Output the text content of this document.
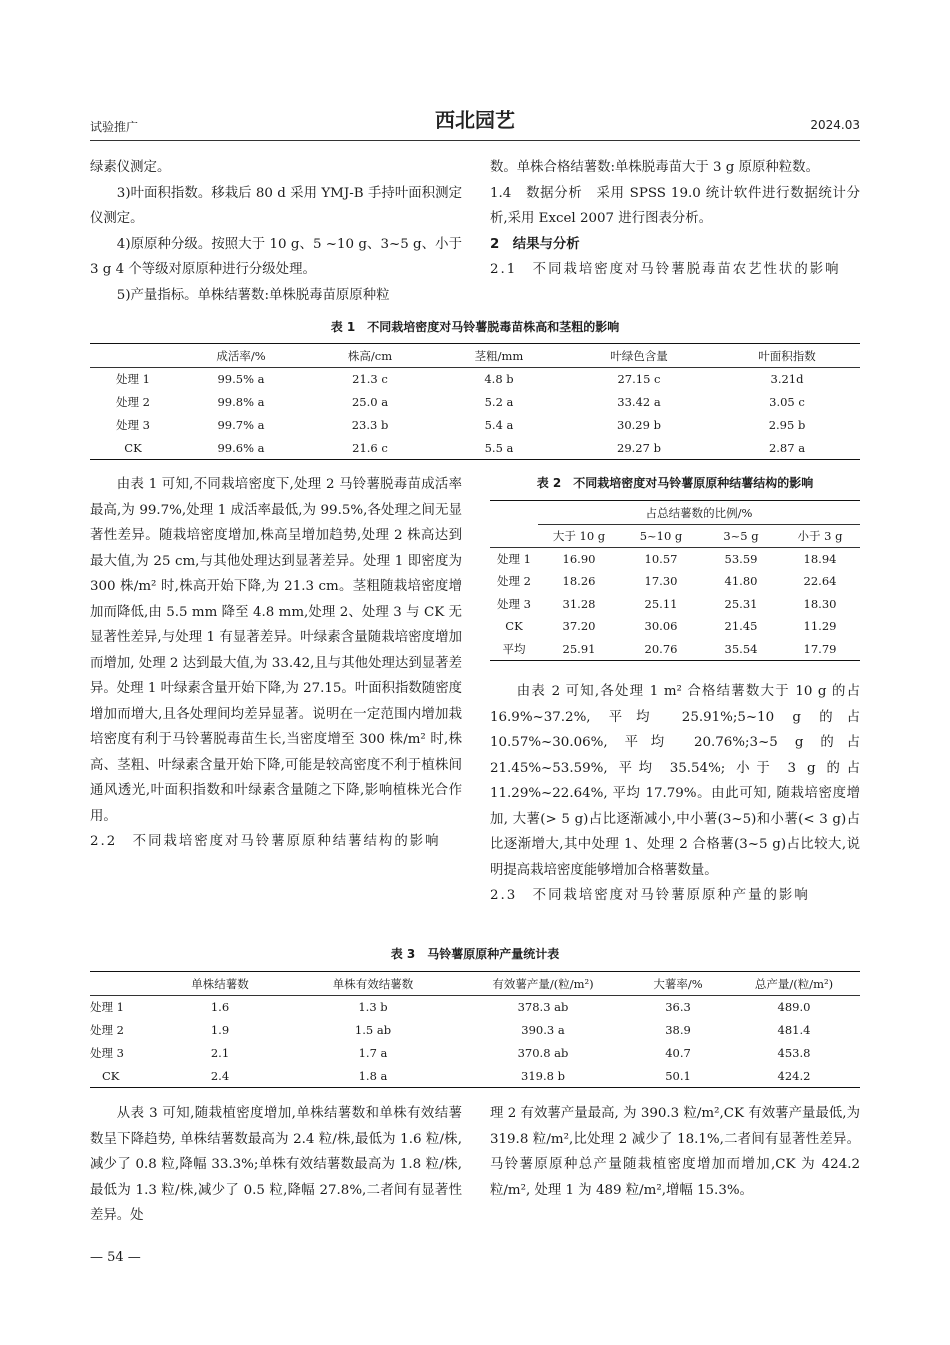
试验推广	西北园艺	2024.03

绿素仪测定。

3)叶面积指数。移栽后 80 d 采用 YMJ-B 手持叶面积测定仪测定。

4)原原种分级。按照大于 10 g、5 ~10 g、3~5 g、小于 3 g 4 个等级对原原种进行分级处理。

5)产量指标。单株结薯数:单株脱毒苗原原种粒

数。单株合格结薯数:单株脱毒苗大于 3 g 原原种粒数。

1.4　数据分析　采用 SPSS 19.0 统计软件进行数据统计分析,采用 Excel 2007 进行图表分析。

2　结果与分析

2.1　不同栽培密度对马铃薯脱毒苗农艺性状的影响

表 1　不同栽培密度对马铃薯脱毒苗株高和茎粗的影响
	成活率/%	株高/cm	茎粗/mm	叶绿色含量	叶面积指数
处理 1	99.5% a	21.3 c	4.8 b	27.15 c	3.21d
处理 2	99.8% a	25.0 a	5.2 a	33.42 a	3.05 c
处理 3	99.7% a	23.3 b	5.4 a	30.29 b	2.95 b
CK	99.6% a	21.6 c	5.5 a	29.27 b	2.87 a

由表 1 可知,不同栽培密度下,处理 2 马铃薯脱毒苗成活率最高,为 99.7%,处理 1 成活率最低,为 99.5%,各处理之间无显著性差异。随栽培密度增加,株高呈增加趋势,处理 2 株高达到最大值,为 25 cm,与其他处理达到显著差异。处理 1 即密度为 300 株/m² 时,株高开始下降,为 21.3 cm。茎粗随栽培密度增加而降低,由 5.5 mm 降至 4.8 mm,处理 2、处理 3 与 CK 无显著性差异,与处理 1 有显著差异。叶绿素含量随栽培密度增加而增加, 处理 2 达到最大值,为 33.42,且与其他处理达到显著差异。处理 1 叶绿素含量开始下降,为 27.15。叶面积指数随密度增加而增大,且各处理间均差异显著。说明在一定范围内增加栽培密度有利于马铃薯脱毒苗生长,当密度增至 300 株/m² 时,株高、茎粗、叶绿素含量开始下降,可能是较高密度不利于植株间通风透光,叶面积指数和叶绿素含量随之下降,影响植株光合作用。

2.2　不同栽培密度对马铃薯原原种结薯结构的影响

表 2　不同栽培密度对马铃薯原原种结薯结构的影响
	占总结薯数的比例/%			
	大于 10 g	5~10 g	3~5 g	小于 3 g
处理 1	16.90	10.57	53.59	18.94
处理 2	18.26	17.30	41.80	22.64
处理 3	31.28	25.11	25.31	18.30
CK	37.20	30.06	21.45	11.29
平均	25.91	20.76	35.54	17.79

由表 2 可知,各处理 1 m² 合格结薯数大于 10 g 的占 16.9%~37.2%, 平均 25.91%;5~10 g 的占 10.57%~30.06%, 平均 20.76%;3~5 g 的占 21.45%~53.59%, 平均 35.54%; 小于 3 g 的占 11.29%~22.64%, 平均 17.79%。由此可知, 随栽培密度增加, 大薯(> 5 g)占比逐渐减小,中小薯(3~5)和小薯(< 3 g)占比逐渐增大,其中处理 1、处理 2 合格薯(3~5 g)占比较大,说明提高栽培密度能够增加合格薯数量。

2.3　不同栽培密度对马铃薯原原种产量的影响

表 3　马铃薯原原种产量统计表
	单株结薯数	单株有效结薯数	有效薯产量/(粒/m²)	大薯率/%	总产量/(粒/m²)
处理 1	1.6	1.3 b	378.3 ab	36.3	489.0
处理 2	1.9	1.5 ab	390.3 a	38.9	481.4
处理 3	2.1	1.7 a	370.8 ab	40.7	453.8
CK	2.4	1.8 a	319.8 b	50.1	424.2

从表 3 可知,随栽植密度增加,单株结薯数和单株有效结薯数呈下降趋势, 单株结薯数最高为 2.4 粒/株,最低为 1.6 粒/株,减少了 0.8 粒,降幅 33.3%;单株有效结薯数最高为 1.8 粒/株,最低为 1.3 粒/株,减少了 0.5 粒,降幅 27.8%,二者间有显著性差异。处

理 2 有效薯产量最高, 为 390.3 粒/m²,CK 有效薯产量最低,为 319.8 粒/m²,比处理 2 减少了 18.1%,二者间有显著性差异。马铃薯原原种总产量随栽植密度增加而增加,CK 为 424.2 粒/m², 处理 1 为 489 粒/m²,增幅 15.3%。

— 54 —
